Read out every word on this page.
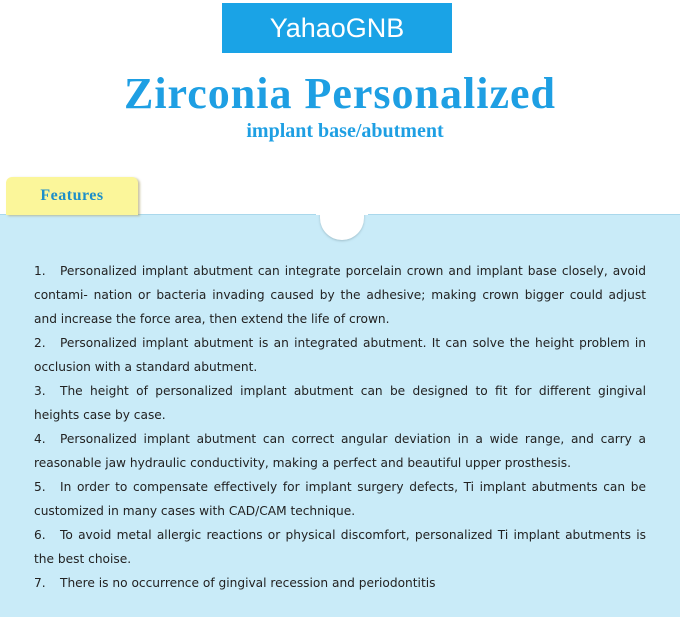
YahaoGNB
Zirconia Personalized
implant base/abutment
Features
1. Personalized implant abutment can integrate porcelain crown and implant base closely, avoid contami- nation or bacteria invading caused by the adhesive; making crown bigger could adjust and increase the force area, then extend the life of crown.
2. Personalized implant abutment is an integrated abutment. It can solve the height problem in occlusion with a standard abutment.
3. The height of personalized implant abutment can be designed to fit for different gingival heights case by case.
4. Personalized implant abutment can correct angular deviation in a wide range, and carry a reasonable jaw hydraulic conductivity, making a perfect and beautiful upper prosthesis.
5. In order to compensate effectively for implant surgery defects, Ti implant abutments can be customized in many cases with CAD/CAM technique.
6. To avoid metal allergic reactions or physical discomfort, personalized Ti implant abutments is the best choise.
7. There is no occurrence of gingival recession and periodontitis
